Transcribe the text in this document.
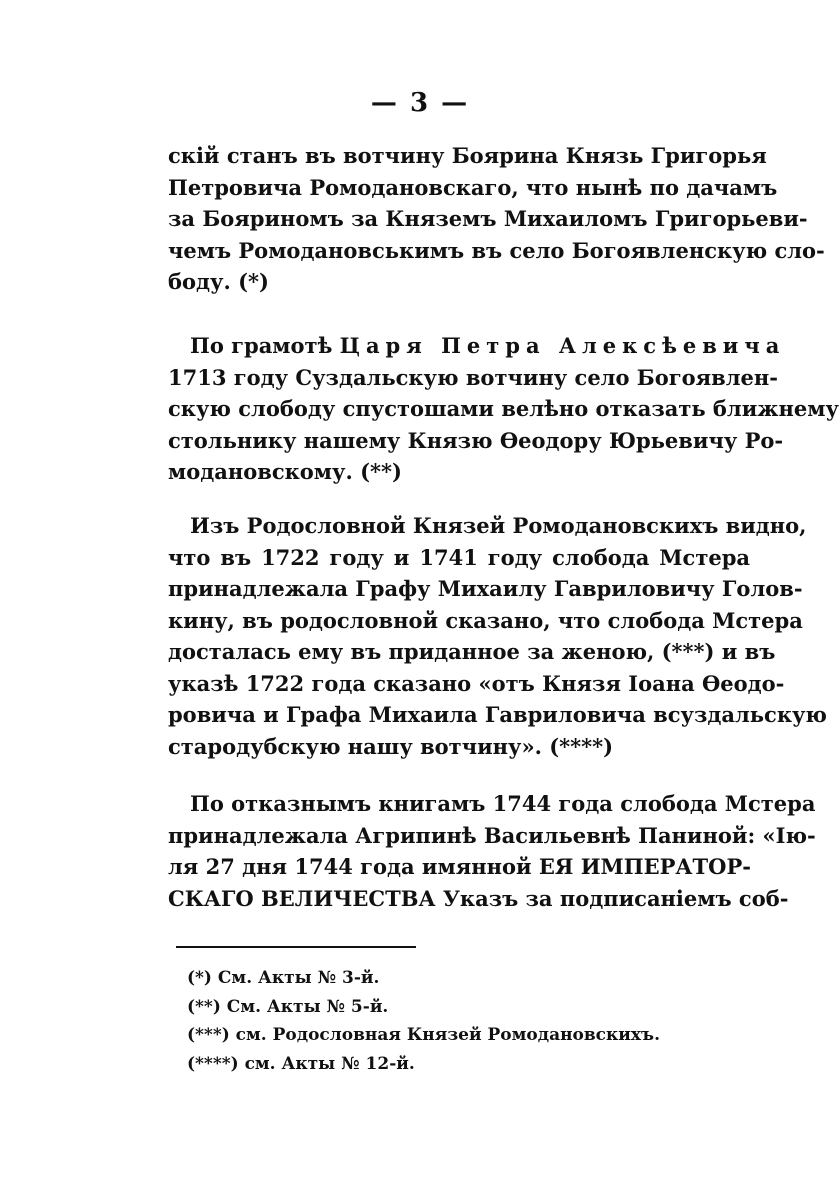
— 3 —
скій станъ въ вотчину Боярина Князь Григорья
Петровича Ромодановскаго, что нынѣ по дачамъ
за Бояриномъ за Княземъ Михаиломъ Григорьеви-
чемъ Ромодановськимъ въ село Богоявленскую сло-
боду. (*)
По грамотѣ Царя Петра Алексѣевича
1713 году Суздальскую вотчину село Богоявлен-
скую слободу спустошами велѣно отказать ближнему
стольнику нашему Князю Ѳеодору Юрьевичу Ро-
модановскому. (**)
Изъ Родословной Князей Ромодановскихъ видно,
что въ 1722 году и 1741 году слобода Мстера
принадлежала Графу Михаилу Гавриловичу Голов-
кину, въ родословной сказано, что слобода Мстера
досталась ему въ приданное за женою, (***) и въ
указѣ 1722 года сказано «отъ Князя Іоана Ѳеодо-
ровича и Графа Михаила Гавриловича всуздальскую
стародубскую нашу вотчину». (****)
По отказнымъ книгамъ 1744 года слобода Мстера
принадлежала Агрипинѣ Васильевнѣ Паниной: «Ію-
ля 27 дня 1744 года имянной ЕЯ ИМПЕРАТОР-
СКАГО ВЕЛИЧЕСТВА Указъ за подписаніемъ соб-
(*) См. Акты № 3-й.
(**) См. Акты № 5-й.
(***) см. Родословная Князей Ромодановскихъ.
(****) см. Акты № 12-й.
